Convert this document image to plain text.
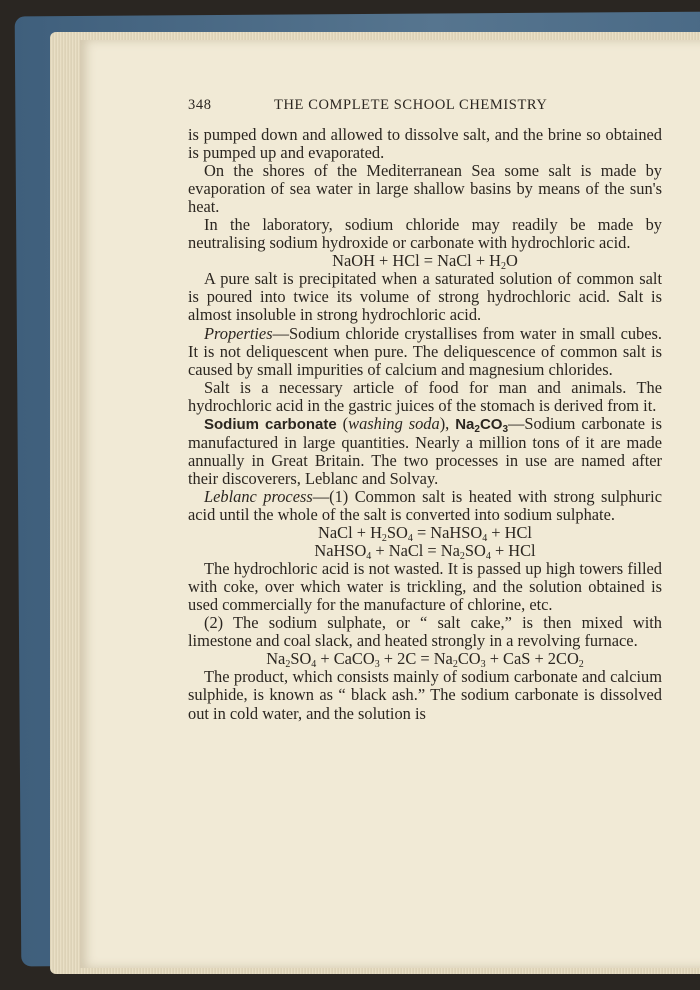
348	THE COMPLETE SCHOOL CHEMISTRY

is pumped down and allowed to dissolve salt, and the brine so obtained is pumped up and evaporated.

On the shores of the Mediterranean Sea some salt is made by evaporation of sea water in large shallow basins by means of the sun's heat.

In the laboratory, sodium chloride may readily be made by neutralising sodium hydroxide or carbonate with hydrochloric acid.

NaOH + HCl = NaCl + $H_2O$

A pure salt is precipitated when a saturated solution of common salt is poured into twice its volume of strong hydrochloric acid. Salt is almost insoluble in strong hydrochloric acid.

Properties—Sodium chloride crystallises from water in small cubes. It is not deliquescent when pure. The deliquescence of common salt is caused by small impurities of calcium and magnesium chlorides.

Salt is a necessary article of food for man and animals. The hydrochloric acid in the gastric juices of the stomach is derived from it.

Sodium carbonate (washing soda), $Na_2CO_3—Sodium$ carbonate is manufactured in large quantities. Nearly a million tons of it are made annually in Great Britain. The two processes in use are named after their discoverers, Leblanc and Solvay.

Leblanc process—(1) Common salt is heated with strong sulphuric acid until the whole of the salt is converted into sodium sulphate.

NaCl + $H_2SO_4$ = NaHSO$_4$ + HCl
NaHSO$_4$ + NaCl = $Na_2SO_4$ + HCl

The hydrochloric acid is not wasted. It is passed up high towers filled with coke, over which water is trickling, and the solution obtained is used commercially for the manufacture of chlorine, etc.

(2) The sodium sulphate, or “ salt cake,” is then mixed with limestone and coal slack, and heated strongly in a revolving furnace.

$Na_2SO_4$ + CaCO$_3$ + $2C = Na_2CO_3$ + CaS + $2CO_2$

The product, which consists mainly of sodium carbonate and calcium sulphide, is known as “ black ash.” The sodium carbonate is dissolved out in cold water, and the solution is
